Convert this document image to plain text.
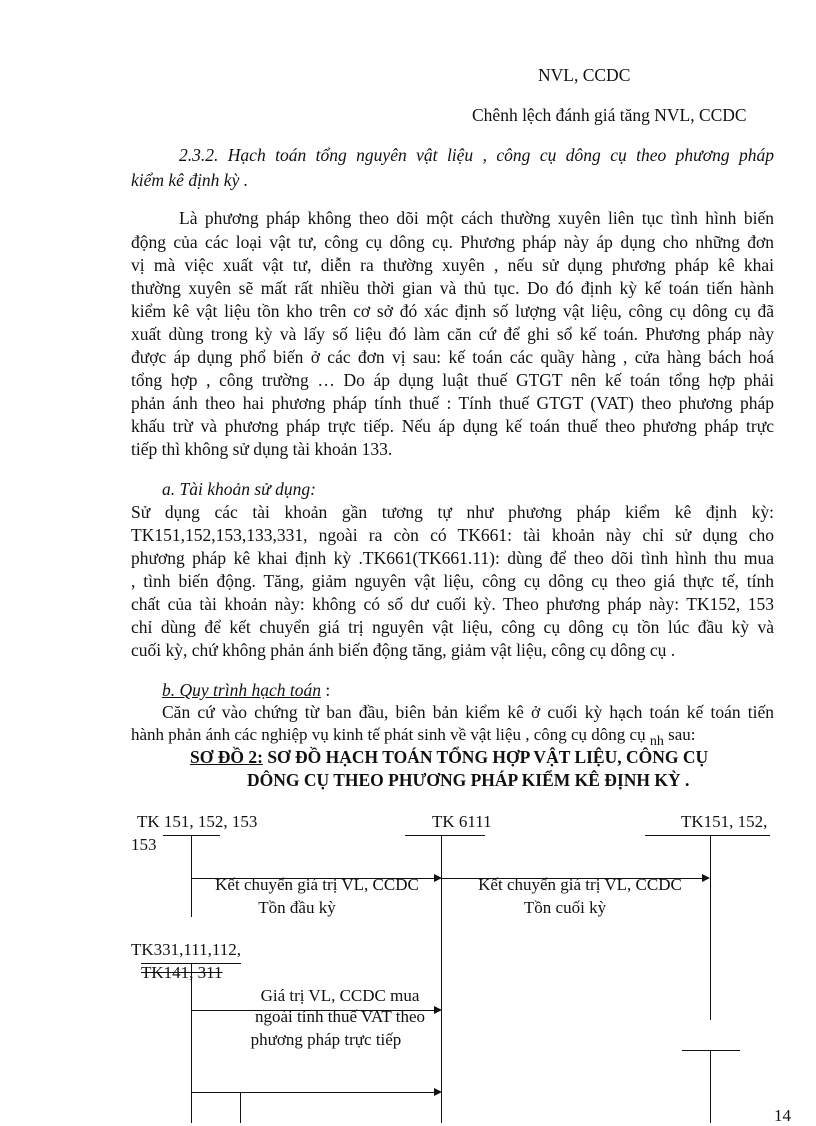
NVL, CCDC
Chênh lệch đánh giá tăng NVL, CCDC
2.3.2. Hạch toán tổng nguyên vật liệu , công cụ dông cụ theo phương pháp
kiểm kê định kỳ .
Là phương pháp không theo dõi một cách thường xuyên liên tục tình hình biến
động của các loại vật tư, công cụ dông cụ. Phương pháp này áp dụng cho những đơn
vị mà việc xuất vật tư, diễn ra thường xuyên , nếu sử dụng phương pháp kê khai
thường xuyên sẽ mất rất nhiều thời gian và thủ tục. Do đó định kỳ kế toán tiến hành
kiểm kê vật liệu tồn kho trên cơ sở đó xác định số lượng vật liệu, công cụ dông cụ đã
xuất dùng trong kỳ và lấy số liệu đó làm căn cứ để ghi sổ kế toán. Phương pháp này
được áp dụng phổ biến ở các đơn vị sau: kế toán các quầy hàng , cửa hàng bách hoá
tổng hợp , công trường … Do áp dụng luật thuế GTGT nên kế toán tổng hợp phải
phản ánh theo hai phương pháp tính thuế : Tính thuế GTGT (VAT) theo phương pháp
khấu trừ và phương pháp trực tiếp. Nếu áp dụng kế toán thuế theo phương pháp trực
tiếp thì không sử dụng tài khoản 133.
a. Tài khoản sử dụng:
Sử dụng các tài khoản gần tương tự như phương pháp kiểm kê định kỳ:
TK151,152,153,133,331, ngoài ra còn có TK661: tài khoản này chỉ sử dụng cho
phương pháp kê khai định kỳ .TK661(TK661.11): dùng để theo dõi tình hình thu mua
, tình biến động. Tăng, giảm nguyên vật liệu, công cụ dông cụ theo giá thực tế, tính
chất của tài khoản này: không có số dư cuối kỳ. Theo phương pháp này: TK152, 153
chỉ dùng để kết chuyển giá trị nguyên vật liệu, công cụ dông cụ tồn lúc đầu kỳ và
cuối kỳ, chứ không phản ánh biến động tăng, giảm vật liệu, công cụ dông cụ .
b. Quy trình hạch toán :
Căn cứ vào chứng từ ban đầu, biên bản kiểm kê ở cuối kỳ hạch toán kế toán tiến
hành phản ánh các nghiệp vụ kinh tế phát sinh về vật liệu , công cụ dông cụ $_{nh}$ sau:
SƠ ĐỒ 2: SƠ ĐỒ HẠCH TOÁN TỔNG HỢP VẬT LIỆU, CÔNG CỤ
DÔNG CỤ THEO PHƯƠNG PHÁP KIỂM KÊ ĐỊNH KỲ .
TK 151, 152, 153
153
TK 6111	TK151, 152,
TK331,111,112,
TK141, 311
Kết chuyển giá trị VL, CCDC
Tồn đầu kỳ
Kết chuyển giá trị VL, CCDC
Tồn cuối kỳ
Giá trị VL, CCDC mua
ngoài tính thuế VAT theo
phương pháp trực tiếp
14
